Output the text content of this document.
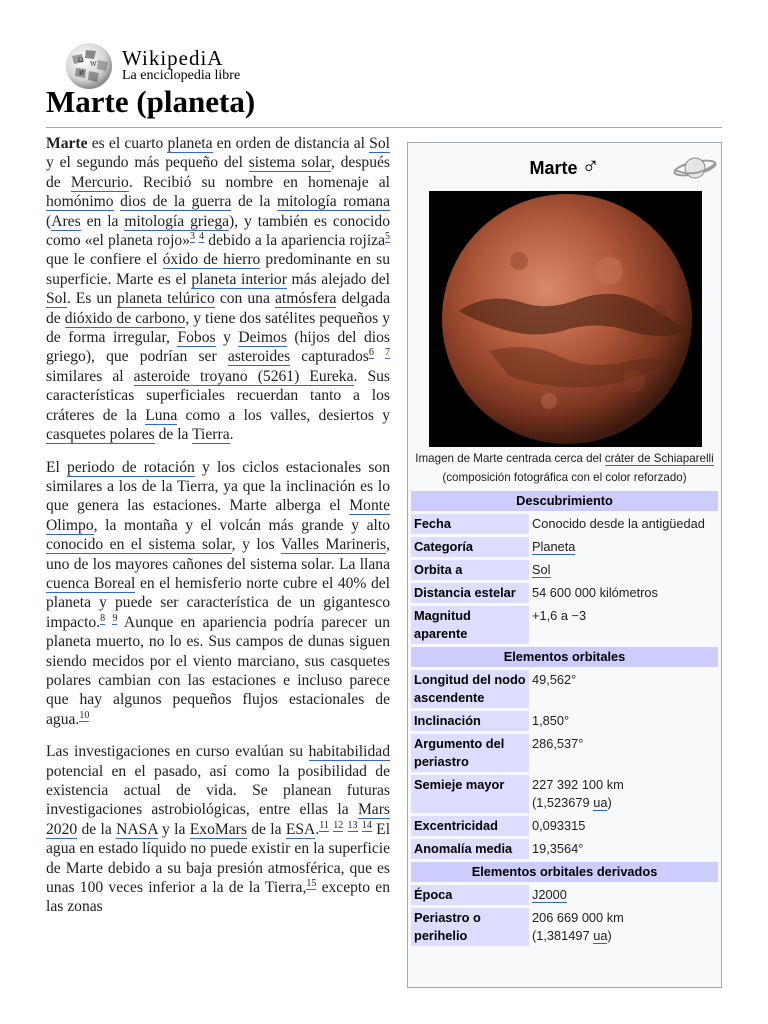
Ω W
И
WikipediA
La enciclopedia libre
Marte (planeta)

Marte es el cuarto planeta en orden de distancia al Sol y el segundo más pequeño del sistema solar, después de Mercurio. Recibió su nombre en homenaje al homónimo dios de la guerra de la mitología romana (Ares en la mitología griega), y también es conocido como «el planeta rojo»$^3$ $^4$ debido a la apariencia rojiza$^5$ que le confiere el óxido de hierro predominante en su superficie. Marte es el planeta interior más alejado del Sol. Es un planeta telúrico con una atmósfera delgada de dióxido de carbono, y tiene dos satélites pequeños y de forma irregular, Fobos y Deimos (hijos del dios griego), que podrían ser asteroides capturados$^6$ $^7$ similares al asteroide troyano (5261) Eureka. Sus características superficiales recuerdan tanto a los cráteres de la Luna como a los valles, desiertos y casquetes polares de la Tierra.

El periodo de rotación y los ciclos estacionales son similares a los de la Tierra, ya que la inclinación es lo que genera las estaciones. Marte alberga el Monte Olimpo, la montaña y el volcán más grande y alto conocido en el sistema solar, y los Valles Marineris, uno de los mayores cañones del sistema solar. La llana cuenca Boreal en el hemisferio norte cubre el 40% del planeta y puede ser característica de un gigantesco impacto.$^8$ $^9$ Aunque en apariencia podría parecer un planeta muerto, no lo es. Sus campos de dunas siguen siendo mecidos por el viento marciano, sus casquetes polares cambian con las estaciones e incluso parece que hay algunos pequeños flujos estacionales de agua.$^{10}$

Las investigaciones en curso evalúan su habitabilidad potencial en el pasado, así como la posibilidad de existencia actual de vida. Se planean futuras investigaciones astrobiológicas, entre ellas la Mars 2020 de la NASA y la ExoMars de la ESA.$^{11}$ $^{12}$ $^{13}$ $^{14}$ El agua en estado líquido no puede existir en la superficie de Marte debido a su baja presión atmosférica, que es unas 100 veces inferior a la de la Tierra,$^{15}$ excepto en las zonas

Marte ♂
Imagen de Marte centrada cerca del cráter de Schiaparelli
(composición fotográfica con el color reforzado)
Descubrimiento	
Fecha	Conocido desde la antigüedad
Categoría	Planeta
Orbita a	Sol
Distancia estelar	54 600 000 kilómetros
Magnitud aparente	+1,6 a −3
Elementos orbitales	
Longitud del nodo ascendente	49,562°
Inclinación	1,850°
Argumento del periastro	286,537°
Semieje mayor	227 392 100 km
(1,523679 ua)
Excentricidad	0,093315
Anomalía media	19,3564°
Elementos orbitales derivados	
Época	J2000
Periastro o perihelio	206 669 000 km
(1,381497 ua)
